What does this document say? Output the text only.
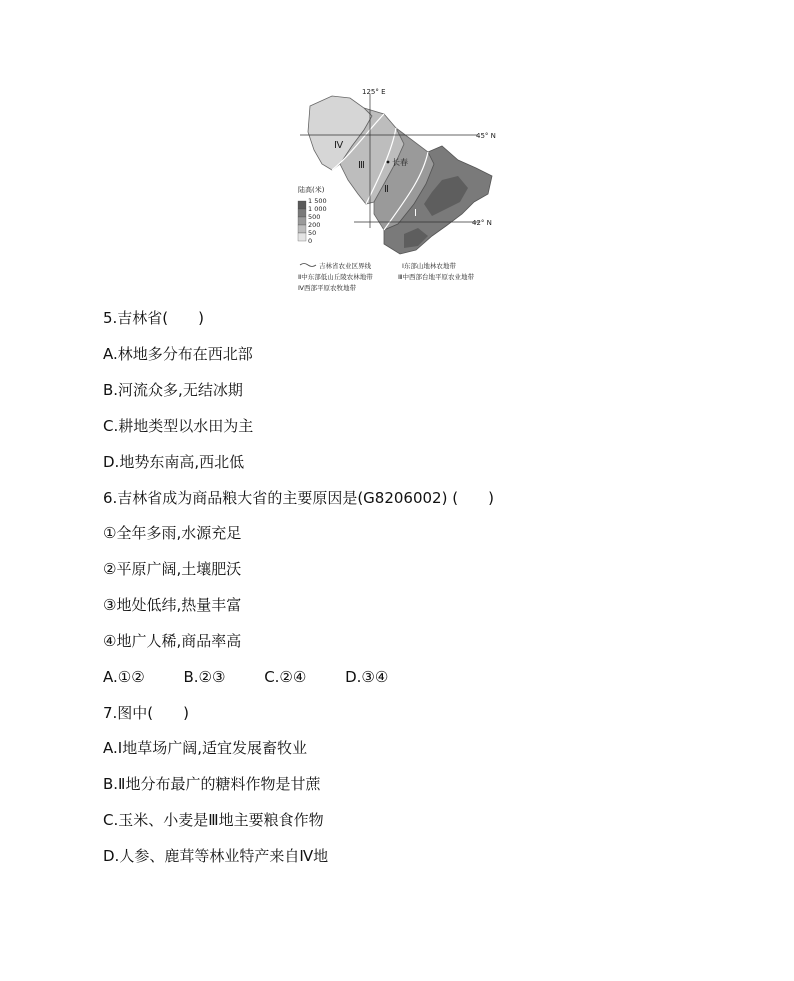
125° E
45° N
42° N
长春
Ⅳ
Ⅲ
Ⅱ
Ⅰ
陆高(米)
1 500
1 000
500
200
50
0
吉林省农业区界线	Ⅰ东部山地林农地带
Ⅱ中东部低山丘陵农林地带	Ⅲ中西部台地平原农业地带
Ⅳ西部平原农牧地带
5.吉林省(　　)
A.林地多分布在西北部
B.河流众多,无结冰期
C.耕地类型以水田为主
D.地势东南高,西北低
6.吉林省成为商品粮大省的主要原因是(G8206002) (　　)
①全年多雨,水源充足
②平原广阔,土壤肥沃
③地处低纬,热量丰富
④地广人稀,商品率高
A.①②	B.②③	C.②④	D.③④
7.图中(　　)
A.Ⅰ地草场广阔,适宜发展畜牧业
B.Ⅱ地分布最广的糖料作物是甘蔗
C.玉米、小麦是Ⅲ地主要粮食作物
D.人参、鹿茸等林业特产来自Ⅳ地
